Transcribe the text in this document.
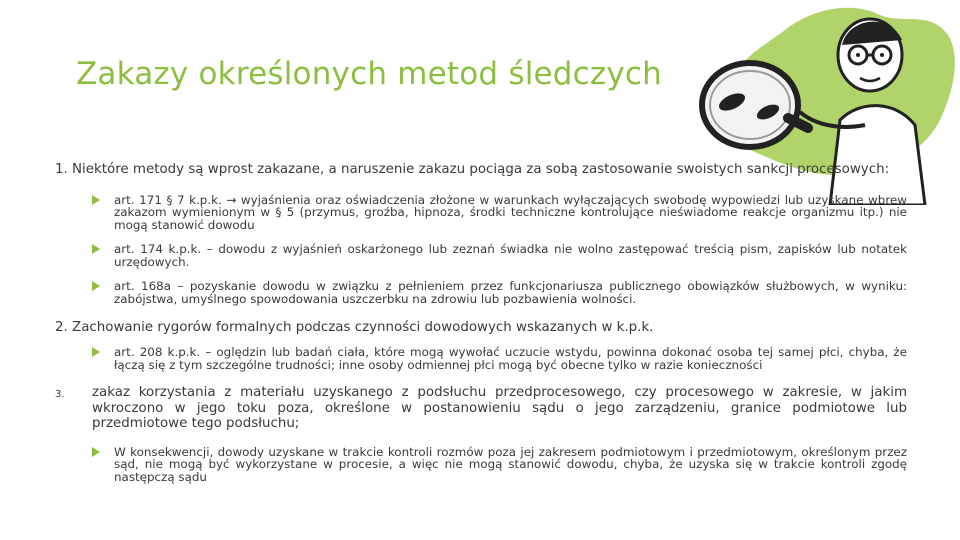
Zakazy określonych metod śledczych
1. Niektóre metody są wprost zakazane, a naruszenie zakazu pociąga za sobą zastosowanie swoistych sankcji procesowych:
art. 171 § 7 k.p.k. → wyjaśnienia oraz oświadczenia złożone w warunkach wyłączających swobodę wypowiedzi lub uzyskane wbrew zakazom wymienionym w § 5 (przymus, groźba, hipnoza, środki techniczne kontrolujące nieświadome reakcje organizmu itp.) nie mogą stanowić dowodu
art. 174 k.p.k. – dowodu z wyjaśnień oskarżonego lub zeznań świadka nie wolno zastępować treścią pism, zapisków lub notatek urzędowych.
art. 168a – pozyskanie dowodu w związku z pełnieniem przez funkcjonariusza publicznego obowiązków służbowych, w wyniku: zabójstwa, umyślnego spowodowania uszczerbku na zdrowiu lub pozbawienia wolności.
2. Zachowanie rygorów formalnych podczas czynności dowodowych wskazanych w k.p.k.
art. 208 k.p.k. – oględzin lub badań ciała, które mogą wywołać uczucie wstydu, powinna dokonać osoba tej samej płci, chyba, że łączą się z tym szczególne trudności; inne osoby odmiennej płci mogą być obecne tylko w razie konieczności
3. zakaz korzystania z materiału uzyskanego z podsłuchu przedprocesowego, czy procesowego w zakresie, w jakim wkroczono w jego toku poza, określone w postanowieniu sądu o jego zarządzeniu, granice podmiotowe lub przedmiotowe tego podsłuchu;
W konsekwencji, dowody uzyskane w trakcie kontroli rozmów poza jej zakresem podmiotowym i przedmiotowym, określonym przez sąd, nie mogą być wykorzystane w procesie, a więc nie mogą stanowić dowodu, chyba, że uzyska się w trakcie kontroli zgodę następczą sądu
